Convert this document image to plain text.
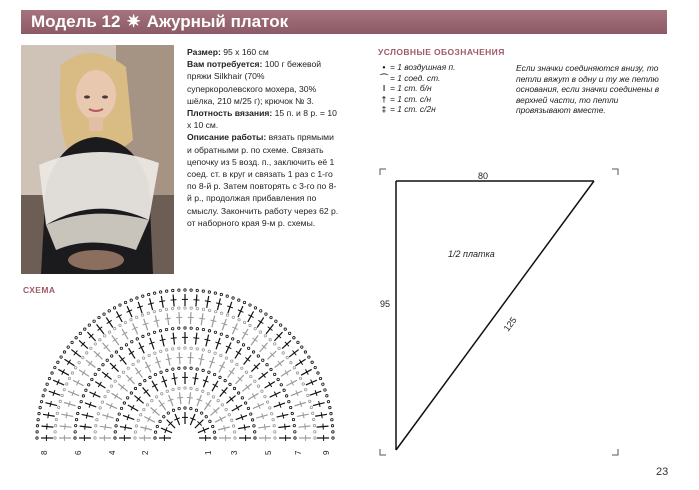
Модель 12 ✷ Ажурный платок

Размер: 95 х 160 см

Вам потребуется: 100 г бежевой пряжи Silkhair (70% суперкоролевского мохера, 30% шёлка, 210 м/25 г); крючок № 3.

Плотность вязания: 15 п. и 8 р. = 10 х 10 см.

Описание работы: вязать прямыми и обратными р. по схеме. Связать цепочку из 5 возд. п., заключить её 1 соед. ст. в круг и связать 1 раз с 1-го по 8-й р. Затем повторять с 3-го по 8-й р., продолжая прибавления по смыслу. Закончить работу через 62 р. от наборного края 9-м р. схемы.

УСЛОВНЫЕ ОБОЗНАЧЕНИЯ
• = 1 воздушная п.
⌒ = 1 соед. ст.
ǀ = 1 ст. б/н
† = 1 ст. с/н
‡ = 1 ст. с/2н
Если значки соединяются внизу, то петли вяжут в одну и ту же петлю основания, если значки соединены в верхней части, то петли провязывают вместе.
СХЕМА
8	6	4	2	1 3	5	7 9
80
95
125
1/2 платка
23
